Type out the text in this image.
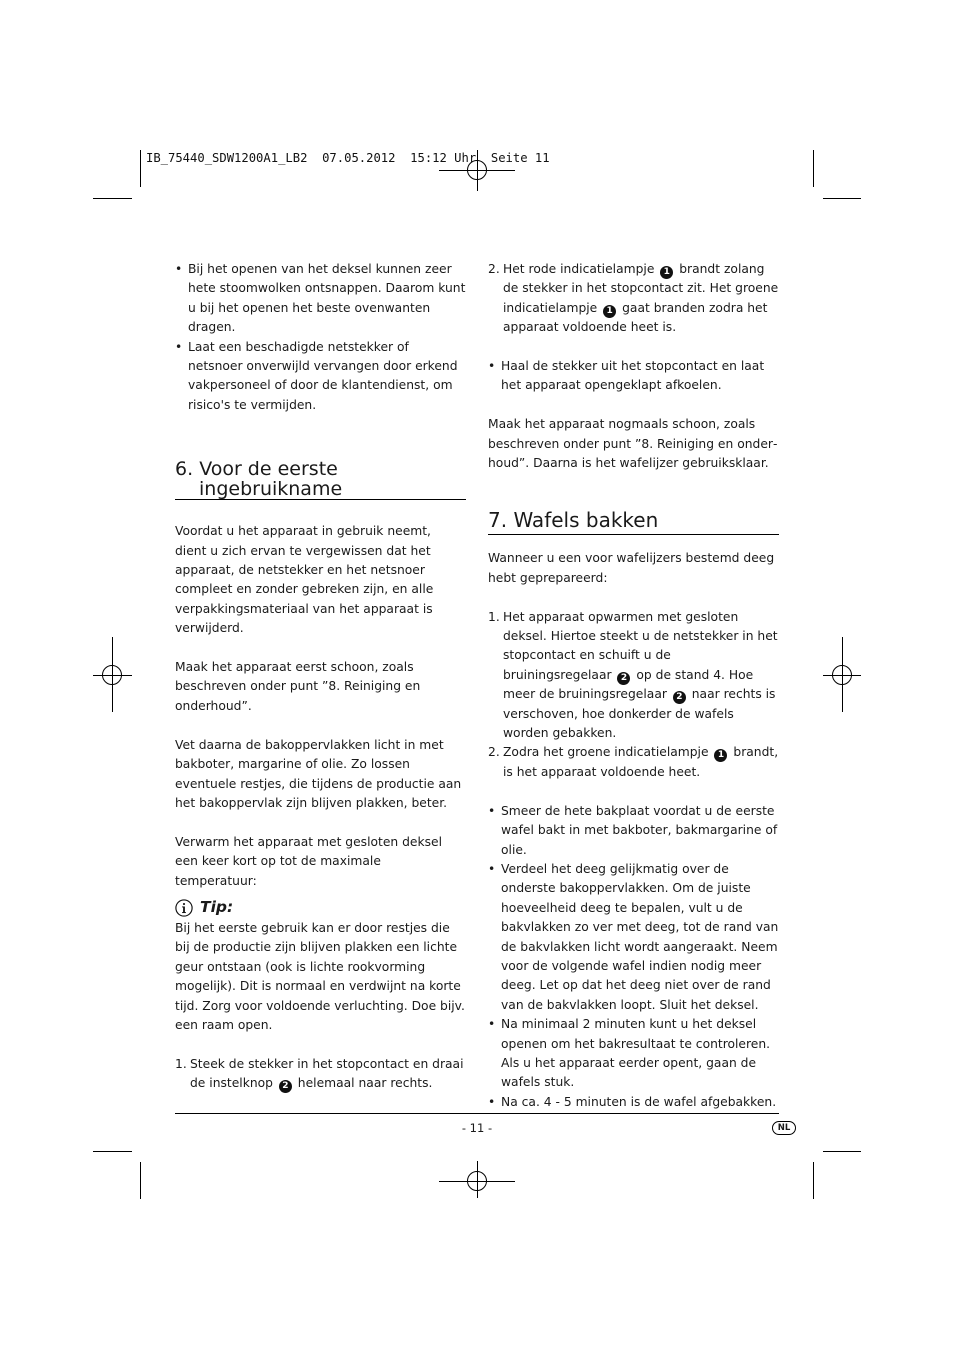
IB_75440_SDW1200A1_LB2  07.05.2012  15:12 Uhr  Seite 11

• Bij het openen van het deksel kunnen zeer hete stoomwolken ontsnappen. Daarom kunt u bij het openen het beste ovenwanten dragen.

• Laat een beschadigde netstekker of netsnoer onverwijld vervangen door erkend vakpersoneel of door de klantendienst, om risico's te vermijden.

6. Voor de eerste
ingebruikname

Voordat u het apparaat in gebruik neemt, dient u zich ervan te vergewissen dat het apparaat, de netstekker en het netsnoer compleet en zonder gebreken zijn, en alle verpakkingsmateriaal van het apparaat is verwijderd.

Maak het apparaat eerst schoon, zoals beschreven onder punt ”8. Reiniging en onderhoud”.

Vet daarna de bakoppervlakken licht in met bakboter, margarine of olie. Zo lossen eventuele restjes, die tijdens de productie aan het bakoppervlak zijn blijven plakken, beter.

Verwarm het apparaat met gesloten deksel een keer kort op tot de maximale temperatuur:

Tip:

Bij het eerste gebruik kan er door restjes die bij de productie zijn blijven plakken een lichte geur ontstaan (ook is lichte rookvorming mogelijk). Dit is normaal en verdwijnt na korte tijd. Zorg voor voldoende verluchting. Doe bijv. een raam open.

1. Steek de stekker in het stopcontact en draai de instelknop 2 helemaal naar rechts.

2. Het rode indicatielampje 1 brandt zolang de stekker in het stopcontact zit. Het groene indicatielampje 1 gaat branden zodra het apparaat voldoende heet is.

• Haal de stekker uit het stopcontact en laat het apparaat opengeklapt afkoelen.

Maak het apparaat nogmaals schoon, zoals beschreven onder punt ”8. Reiniging en onderhoud”. Daarna is het wafelijzer gebruiksklaar.

7. Wafels bakken

Wanneer u een voor wafelijzers bestemd deeg hebt geprepareerd:

1. Het apparaat opwarmen met gesloten deksel. Hiertoe steekt u de netstekker in het stopcontact en schuift u de bruiningsregelaar 2 op de stand 4. Hoe meer de bruiningsregelaar 2 naar rechts is verschoven, hoe donkerder de wafels worden gebakken.

2. Zodra het groene indicatielampje 1 brandt, is het apparaat voldoende heet.

• Smeer de hete bakplaat voordat u de eerste wafel bakt in met bakboter, bakmargarine of olie.

• Verdeel het deeg gelijkmatig over de onderste bakoppervlakken. Om de juiste hoeveelheid deeg te bepalen, vult u de bakvlakken zo ver met deeg, tot de rand van de bakvlakken licht wordt aangeraakt. Neem voor de volgende wafel indien nodig meer deeg. Let op dat het deeg niet over de rand van de bakvlakken loopt. Sluit het deksel.

• Na minimaal 2 minuten kunt u het deksel openen om het bakresultaat te controleren. Als u het apparaat eerder opent, gaan de wafels stuk.

• Na ca. 4 - 5 minuten is de wafel afgebakken.

- 11 -	NL
